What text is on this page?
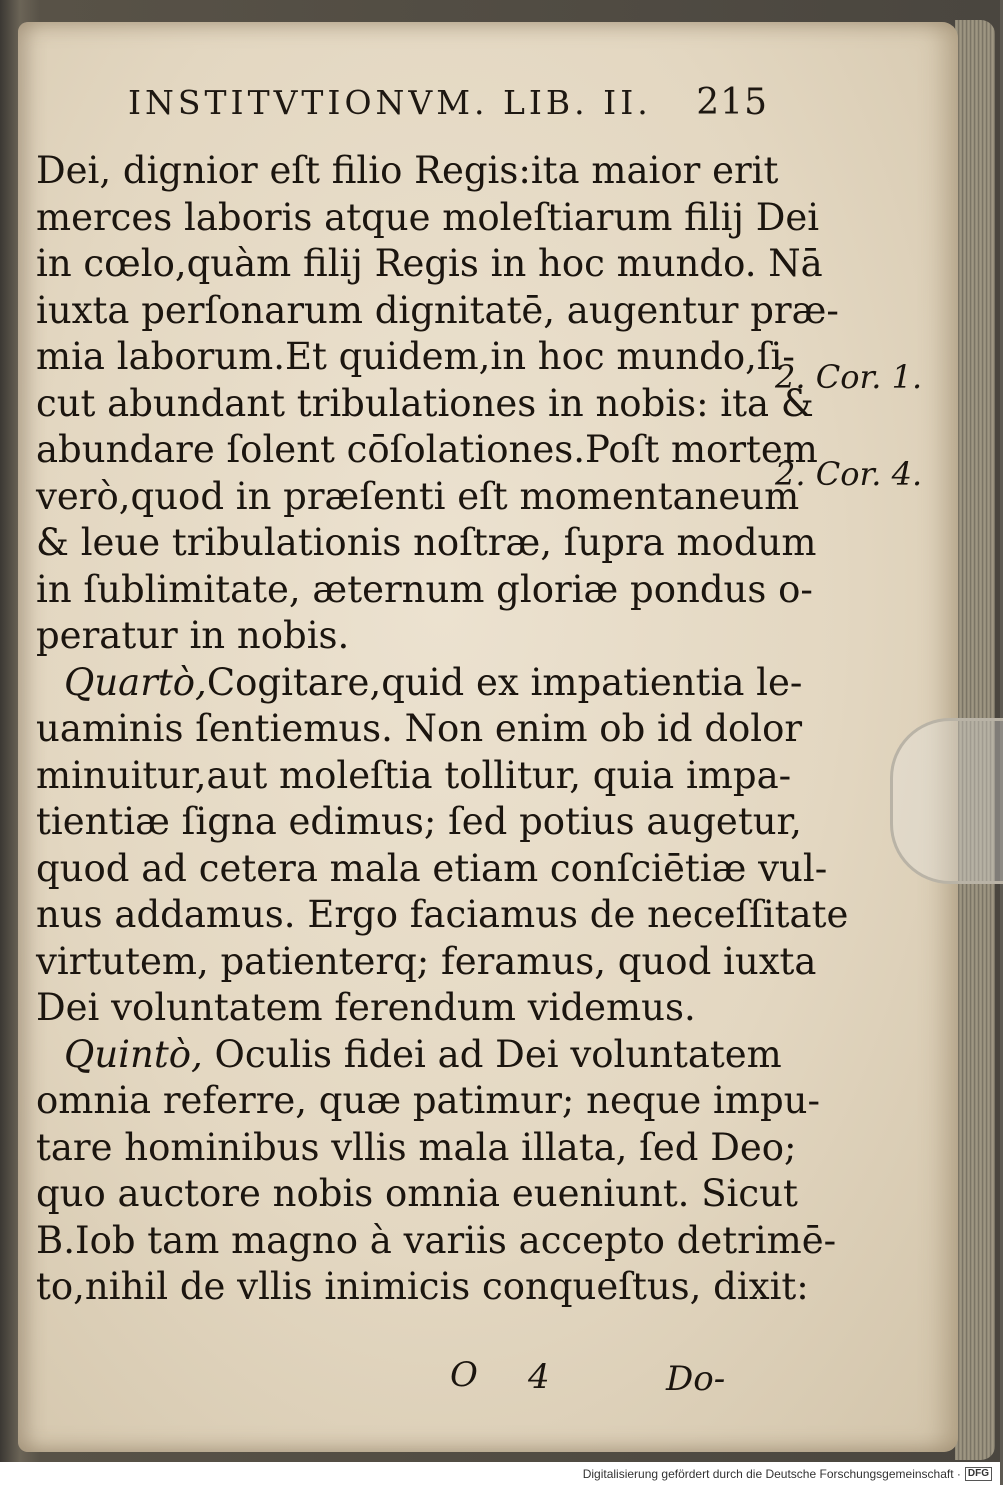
INSTITVTIONVM. LIB. II. 215
Dei, dignior eſt filio Regis:ita maior erit
merces laboris atque moleſtiarum filij Dei
in cœlo,quàm filij Regis in hoc mundo. Nā
iuxta perſonarum dignitatē, augentur præ-
mia laborum.Et quidem,in hoc mundo,ſi-
cut abundant tribulationes in nobis: ita &
abundare ſolent cōſolationes.Poſt mortem
verò,quod in præſenti eſt momentaneum
& leue tribulationis noſtræ, ſupra modum
in ſublimitate, æternum gloriæ pondus o-
peratur in nobis.
Quartò,Cogitare,quid ex impatientia le-
uaminis ſentiemus. Non enim ob id dolor
minuitur,aut moleſtia tollitur, quia impa-
tientiæ ſigna edimus; ſed potius augetur,
quod ad cetera mala etiam conſciētiæ vul-
nus addamus. Ergo faciamus de neceſſitate
virtutem, patienterq; feramus, quod iuxta
Dei voluntatem ferendum videmus.
Quintò, Oculis fidei ad Dei voluntatem
omnia referre, quæ patimur; neque impu-
tare hominibus vllis mala illata, ſed Deo;
quo auctore nobis omnia eueniunt. Sicut
B.Iob tam magno à variis accepto detrimē-
to,nihil de vllis inimicis conqueſtus, dixit:
2. Cor. 1.
2. Cor. 4.
O 4	Do-
Digitalisierung gefördert durch die Deutsche Forschungsgemeinschaft · DFG
